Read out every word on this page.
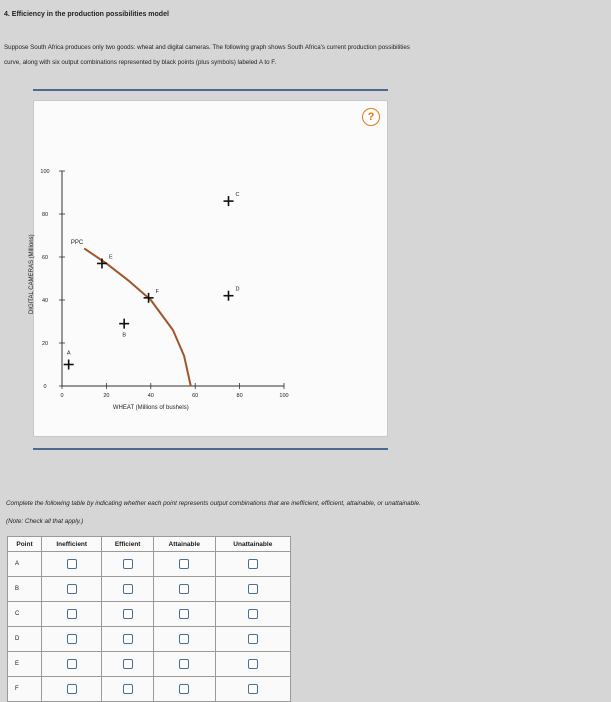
4. Efficiency in the production possibilities model
Suppose South Africa produces only two goods: wheat and digital cameras. The following graph shows South Africa's current production possibilities
curve, along with six output combinations represented by black points (plus symbols) labeled A to F.
?
0	20	40	60	80	100
0
20
40
60
80
100
A
B
C
D
E
F
PPC
WHEAT (Millions of bushels)
DIGITAL CAMERAS (Millions)
Complete the following table by indicating whether each point represents output combinations that are inefficient, efficient, attainable, or unattainable.
(Note: Check all that apply.)
Point	Inefficient	Efficient	Attainable	Unattainable
A				
B				
C				
D				
E				
F				
